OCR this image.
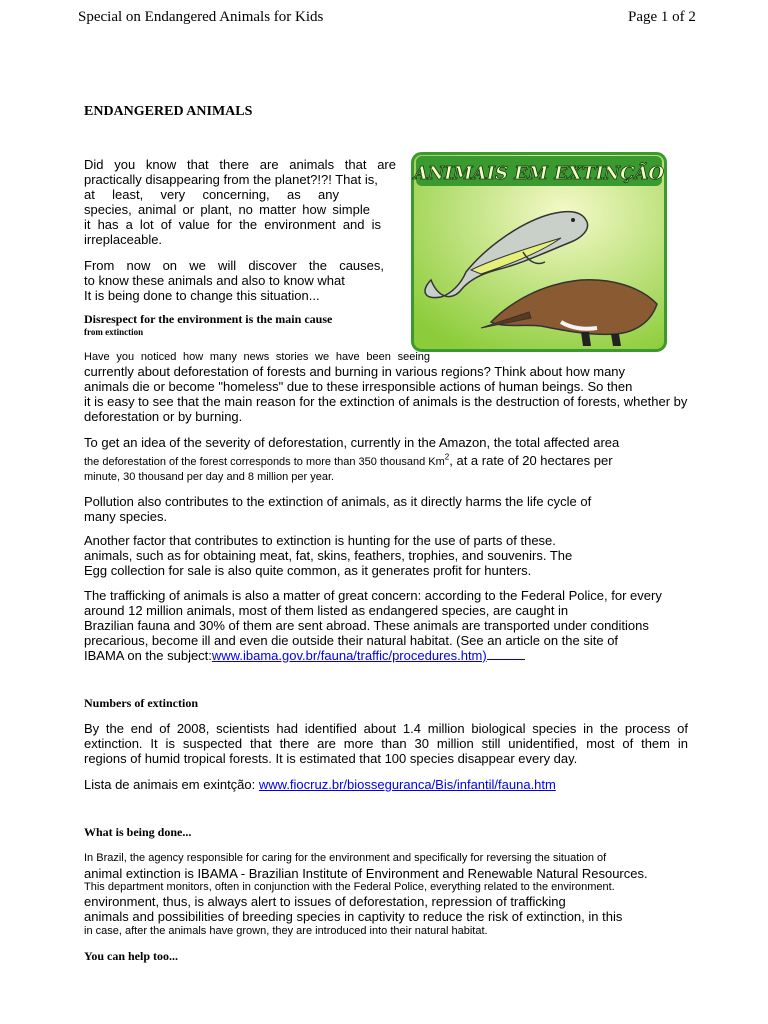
Special on Endangered Animals for Kids	Page 1 of 2
ENDANGERED ANIMALS
Did you know that there are animals that are
practically disappearing from the planet?!?! That is,
at least, very concerning, as any
species, animal or plant, no matter how simple
it has a lot of value for the environment and is
irreplaceable.
From now on we will discover the causes,
to know these animals and also to know what
It is being done to change this situation...
Disrespect for the environment is the main cause
from extinction
ANIMAIS EM EXTINÇÃO
Have you noticed how many news stories we have been seeing
currently about deforestation of forests and burning in various regions? Think about how many
animals die or become "homeless" due to these irresponsible actions of human beings. So then
it is easy to see that the main reason for the extinction of animals is the destruction of forests, whether by
deforestation or by burning.
To get an idea of the severity of deforestation, currently in the Amazon, the total affected area
the deforestation of the forest corresponds to more than 350 thousand Km$^2$, at a rate of 20 hectares per
minute, 30 thousand per day and 8 million per year.
Pollution also contributes to the extinction of animals, as it directly harms the life cycle of
many species.
Another factor that contributes to extinction is hunting for the use of parts of these.
animals, such as for obtaining meat, fat, skins, feathers, trophies, and souvenirs. The
Egg collection for sale is also quite common, as it generates profit for hunters.
The trafficking of animals is also a matter of great concern: according to the Federal Police, for every
around 12 million animals, most of them listed as endangered species, are caught in
Brazilian fauna and 30% of them are sent abroad. These animals are transported under conditions
precarious, become ill and even die outside their natural habitat. (See an article on the site of
IBAMA on the subject:www.ibama.gov.br/fauna/traffic/procedures.htm)
Numbers of extinction
By the end of 2008, scientists had identified about 1.4 million biological species in the process of
extinction. It is suspected that there are more than 30 million still unidentified, most of them in
regions of humid tropical forests. It is estimated that 100 species disappear every day.
Lista de animais em exintção: www.fiocruz.br/biosseguranca/Bis/infantil/fauna.htm
What is being done...
In Brazil, the agency responsible for caring for the environment and specifically for reversing the situation of
animal extinction is IBAMA - Brazilian Institute of Environment and Renewable Natural Resources.
This department monitors, often in conjunction with the Federal Police, everything related to the environment.
environment, thus, is always alert to issues of deforestation, repression of trafficking
animals and possibilities of breeding species in captivity to reduce the risk of extinction, in this
in case, after the animals have grown, they are introduced into their natural habitat.
You can help too...
